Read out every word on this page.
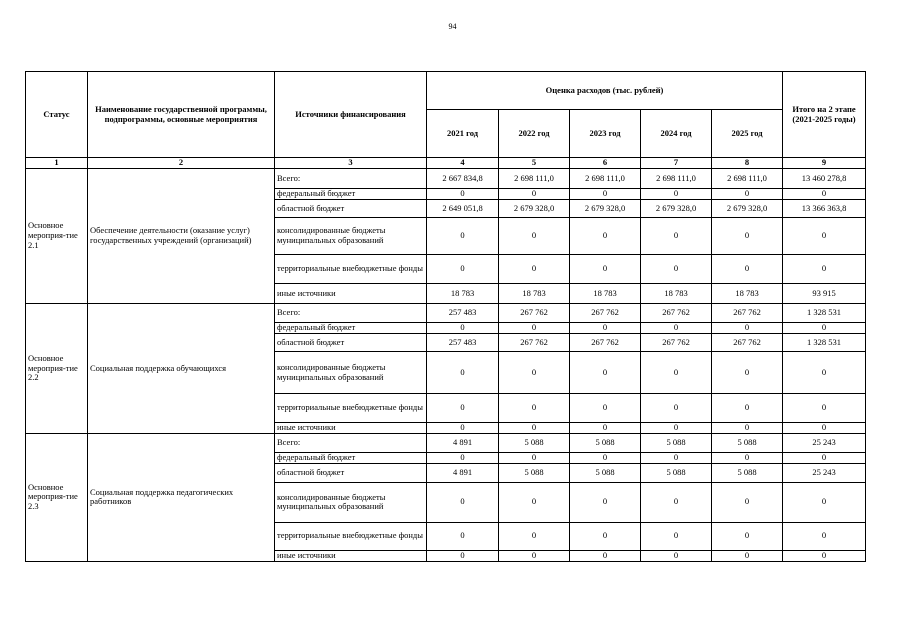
94
Статус	Наименование государственной программы, подпрограммы, основные мероприятия	Источники финансирования	Оценка расходов (тыс. рублей)					Итого на 2 этапе (2021-2025 годы)
			2021 год	2022 год	2023 год	2024 год	2025 год	
1	2	3	4	5	6	7	8	9
Основное мероприя-тие 2.1	Обеспечение деятельности (оказание услуг) государственных учреждений (организаций)	Всего:	2 667 834,8	2 698 111,0	2 698 111,0	2 698 111,0	2 698 111,0	13 460 278,8
		федеральный бюджет	0	0	0	0	0	0
		областной бюджет	2 649 051,8	2 679 328,0	2 679 328,0	2 679 328,0	2 679 328,0	13 366 363,8
		консолидированные бюджеты муниципальных образований	0	0	0	0	0	0
		территориальные внебюджетные фонды	0	0	0	0	0	0
		иные источники	18 783	18 783	18 783	18 783	18 783	93 915
Основное мероприя-тие 2.2	Социальная поддержка обучающихся	Всего:	257 483	267 762	267 762	267 762	267 762	1 328 531
		федеральный бюджет	0	0	0	0	0	0
		областной бюджет	257 483	267 762	267 762	267 762	267 762	1 328 531
		консолидированные бюджеты муниципальных образований	0	0	0	0	0	0
		территориальные внебюджетные фонды	0	0	0	0	0	0
		иные источники	0	0	0	0	0	0
Основное мероприя-тие 2.3	Социальная поддержка педагогических работников	Всего:	4 891	5 088	5 088	5 088	5 088	25 243
		федеральный бюджет	0	0	0	0	0	0
		областной бюджет	4 891	5 088	5 088	5 088	5 088	25 243
		консолидированные бюджеты муниципальных образований	0	0	0	0	0	0
		территориальные внебюджетные фонды	0	0	0	0	0	0
		иные источники	0	0	0	0	0	0
